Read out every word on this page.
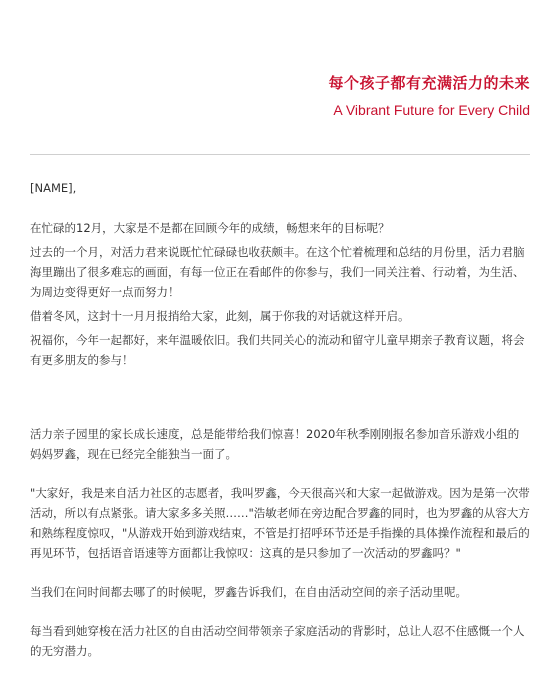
每个孩子都有充满活力的未来
A Vibrant Future for Every Child

[NAME],

在忙碌的12月，大家是不是都在回顾今年的成绩，畅想来年的目标呢？

过去的一个月，对活力君来说既忙忙碌碌也收获颇丰。在这个忙着梳理和总结的月份里，活力君脑海里蹦出了很多难忘的画面，有每一位正在看邮件的你参与，我们一同关注着、行动着，为生活、为周边变得更好一点而努力！

借着冬风，这封十一月月报捎给大家，此刻，属于你我的对话就这样开启。

祝福你，今年一起都好，来年温暖依旧。我们共同关心的流动和留守儿童早期亲子教育议题，将会有更多朋友的参与！

活力亲子园里的家长成长速度，总是能带给我们惊喜！2020年秋季刚刚报名参加音乐游戏小组的妈妈罗鑫，现在已经完全能独当一面了。

"大家好，我是来自活力社区的志愿者，我叫罗鑫，今天很高兴和大家一起做游戏。因为是第一次带活动，所以有点紧张。请大家多多关照……"浩敏老师在旁边配合罗鑫的同时，也为罗鑫的从容大方和熟练程度惊叹，"从游戏开始到游戏结束，不管是打招呼环节还是手指操的具体操作流程和最后的再见环节，包括语音语速等方面都让我惊叹：这真的是只参加了一次活动的罗鑫吗？"

当我们在问时间都去哪了的时候呢，罗鑫告诉我们，在自由活动空间的亲子活动里呢。

每当看到她穿梭在活力社区的自由活动空间带领亲子家庭活动的背影时，总让人忍不住感慨一个人的无穷潜力。
